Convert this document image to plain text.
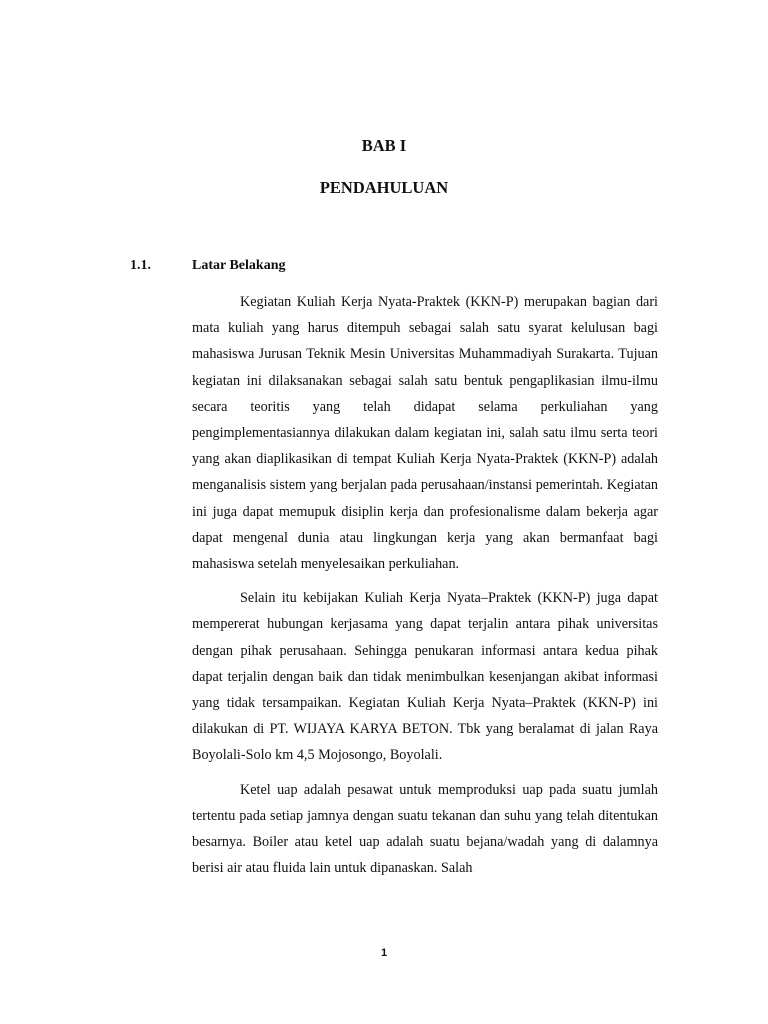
BAB I
PENDAHULUAN
1.1.	Latar Belakang

Kegiatan Kuliah Kerja Nyata-Praktek (KKN-P) merupakan bagian dari mata kuliah yang harus ditempuh sebagai salah satu syarat kelulusan bagi mahasiswa Jurusan Teknik Mesin Universitas Muhammadiyah Surakarta. Tujuan kegiatan ini dilaksanakan sebagai salah satu bentuk pengaplikasian ilmu-ilmu secara teoritis yang telah didapat selama perkuliahan yang pengimplementasiannya dilakukan dalam kegiatan ini, salah satu ilmu serta teori yang akan diaplikasikan di tempat Kuliah Kerja Nyata-Praktek (KKN-P) adalah menganalisis sistem yang berjalan pada perusahaan/instansi pemerintah. Kegiatan ini juga dapat memupuk disiplin kerja dan profesionalisme dalam bekerja agar dapat mengenal dunia atau lingkungan kerja yang akan bermanfaat bagi mahasiswa setelah menyelesaikan perkuliahan.

Selain itu kebijakan Kuliah Kerja Nyata–Praktek (KKN-P) juga dapat mempererat hubungan kerjasama yang dapat terjalin antara pihak universitas dengan pihak perusahaan. Sehingga penukaran informasi antara kedua pihak dapat terjalin dengan baik dan tidak menimbulkan kesenjangan akibat informasi yang tidak tersampaikan. Kegiatan Kuliah Kerja Nyata–Praktek (KKN-P) ini dilakukan di PT. WIJAYA KARYA BETON. Tbk yang beralamat di jalan Raya Boyolali-Solo km 4,5 Mojosongo, Boyolali.

Ketel uap adalah pesawat untuk memproduksi uap pada suatu jumlah tertentu pada setiap jamnya dengan suatu tekanan dan suhu yang telah ditentukan besarnya. Boiler atau ketel uap adalah suatu bejana/wadah yang di dalamnya berisi air atau fluida lain untuk dipanaskan. Salah

1
